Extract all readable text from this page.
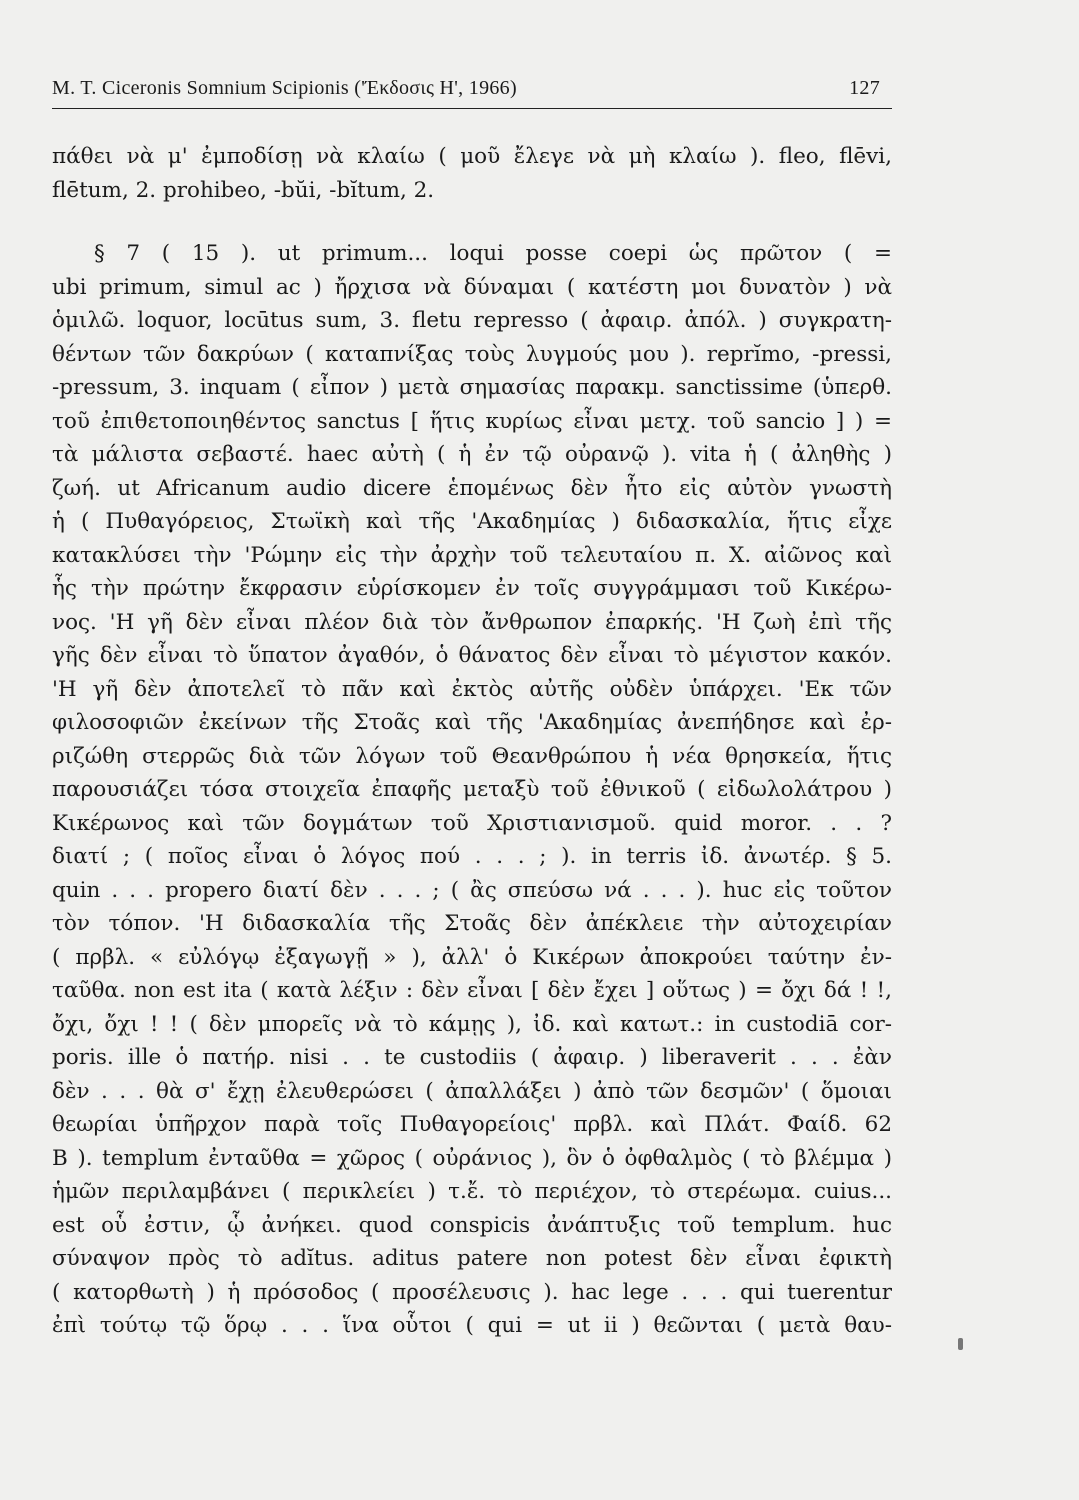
M. T. Ciceronis Somnium Scipionis ('Έκδοσις Η', 1966)	127
πάθει νὰ μ' ἐμποδίσῃ νὰ κλαίω ( μοῦ ἔλεγε νὰ μὴ κλαίω ). fleo, flēvi,
flētum, 2. prohibeo, -bŭi, -bĭtum, 2.
§ 7 ( 15 ). ut primum... loqui posse coepi ὡς πρῶτον ( =
ubi primum, simul ac ) ἤρχισα νὰ δύναμαι ( κατέστη μοι δυνατὸν ) νὰ
ὁμιλῶ. loquor, locūtus sum, 3. fletu represso ( ἀφαιρ. ἀπόλ. ) συγκρατη-
θέντων τῶν δακρύων ( καταπνίξας τοὺς λυγμούς μου ). reprĭmo, -pressi,
-pressum, 3. inquam ( εἶπον ) μετὰ σημασίας παρακμ. sanctissime (ὑπερθ.
τοῦ ἐπιθετοποιηθέντος sanctus [ ἥτις κυρίως εἶναι μετχ. τοῦ sancio ] ) =
τὰ μάλιστα σεβαστέ. haec αὐτὴ ( ἡ ἐν τῷ οὐρανῷ ). vita ἡ ( ἀληθὴς )
ζωή. ut Africanum audio dicere ἑπομένως δὲν ἦτο εἰς αὐτὸν γνωστὴ
ἡ ( Πυθαγόρειος, Στωϊκὴ καὶ τῆς 'Ακαδημίας ) διδασκαλία, ἥτις εἶχε
κατακλύσει τὴν 'Ρώμην εἰς τὴν ἀρχὴν τοῦ τελευταίου π. Χ. αἰῶνος καὶ
ἧς τὴν πρώτην ἔκφρασιν εὑρίσκομεν ἐν τοῖς συγγράμμασι τοῦ Κικέρω-
νος. 'Η γῆ δὲν εἶναι πλέον διὰ τὸν ἄνθρωπον ἐπαρκής. 'Η ζωὴ ἐπὶ τῆς
γῆς δὲν εἶναι τὸ ὕπατον ἀγαθόν, ὁ θάνατος δὲν εἶναι τὸ μέγιστον κακόν.
'Η γῆ δὲν ἀποτελεῖ τὸ πᾶν καὶ ἐκτὸς αὐτῆς οὐδὲν ὑπάρχει. 'Εκ τῶν
φιλοσοφιῶν ἐκείνων τῆς Στοᾶς καὶ τῆς 'Ακαδημίας ἀνεπήδησε καὶ ἐρ-
ριζώθη στερρῶς διὰ τῶν λόγων τοῦ Θεανθρώπου ἡ νέα θρησκεία, ἥτις
παρουσιάζει τόσα στοιχεῖα ἐπαφῆς μεταξὺ τοῦ ἐθνικοῦ ( εἰδωλολάτρου )
Κικέρωνος καὶ τῶν δογμάτων τοῦ Χριστιανισμοῦ. quid moror. . . ?
διατί ; ( ποῖος εἶναι ὁ λόγος πού . . . ; ). in terris ἰδ. ἀνωτέρ. § 5.
quin . . . propero διατί δὲν . . . ; ( ἂς σπεύσω νά . . . ). huc εἰς τοῦτον
τὸν τόπον. 'Η διδασκαλία τῆς Στοᾶς δὲν ἀπέκλειε τὴν αὐτοχειρίαν
( πρβλ. « εὐλόγῳ ἐξαγωγῇ » ), ἀλλ' ὁ Κικέρων ἀποκρούει ταύτην ἐν-
ταῦθα. non est ita ( κατὰ λέξιν : δὲν εἶναι [ δὲν ἔχει ] οὕτως ) = ὄχι δά ! !,
ὄχι, ὄχι ! ! ( δὲν μπορεῖς νὰ τὸ κάμῃς ), ἰδ. καὶ κατωτ.: in custodiā cor-
poris. ille ὁ πατήρ. nisi . . te custodiis ( ἀφαιρ. ) liberaverit . . . ἐὰν
δὲν . . . θὰ σ' ἔχῃ ἐλευθερώσει ( ἀπαλλάξει ) ἀπὸ τῶν δεσμῶν' ( ὅμοιαι
θεωρίαι ὑπῆρχον παρὰ τοῖς Πυθαγορείοις' πρβλ. καὶ Πλάτ. Φαίδ. 62
B ). templum ἐνταῦθα = χῶρος ( οὐράνιος ), ὃν ὁ ὀφθαλμὸς ( τὸ βλέμμα )
ἡμῶν περιλαμβάνει ( περικλείει ) τ.ἔ. τὸ περιέχον, τὸ στερέωμα. cuius...
est οὗ ἐστιν, ᾧ ἀνήκει. quod conspicis ἀνάπτυξις τοῦ templum. huc
σύναψον πρὸς τὸ adĭtus. aditus patere non potest δὲν εἶναι ἐφικτὴ
( κατορθωτὴ ) ἡ πρόσοδος ( προσέλευσις ). hac lege . . . qui tuerentur
ἐπὶ τούτῳ τῷ ὅρῳ . . . ἵνα οὗτοι ( qui = ut ii ) θεῶνται ( μετὰ θαυ-
